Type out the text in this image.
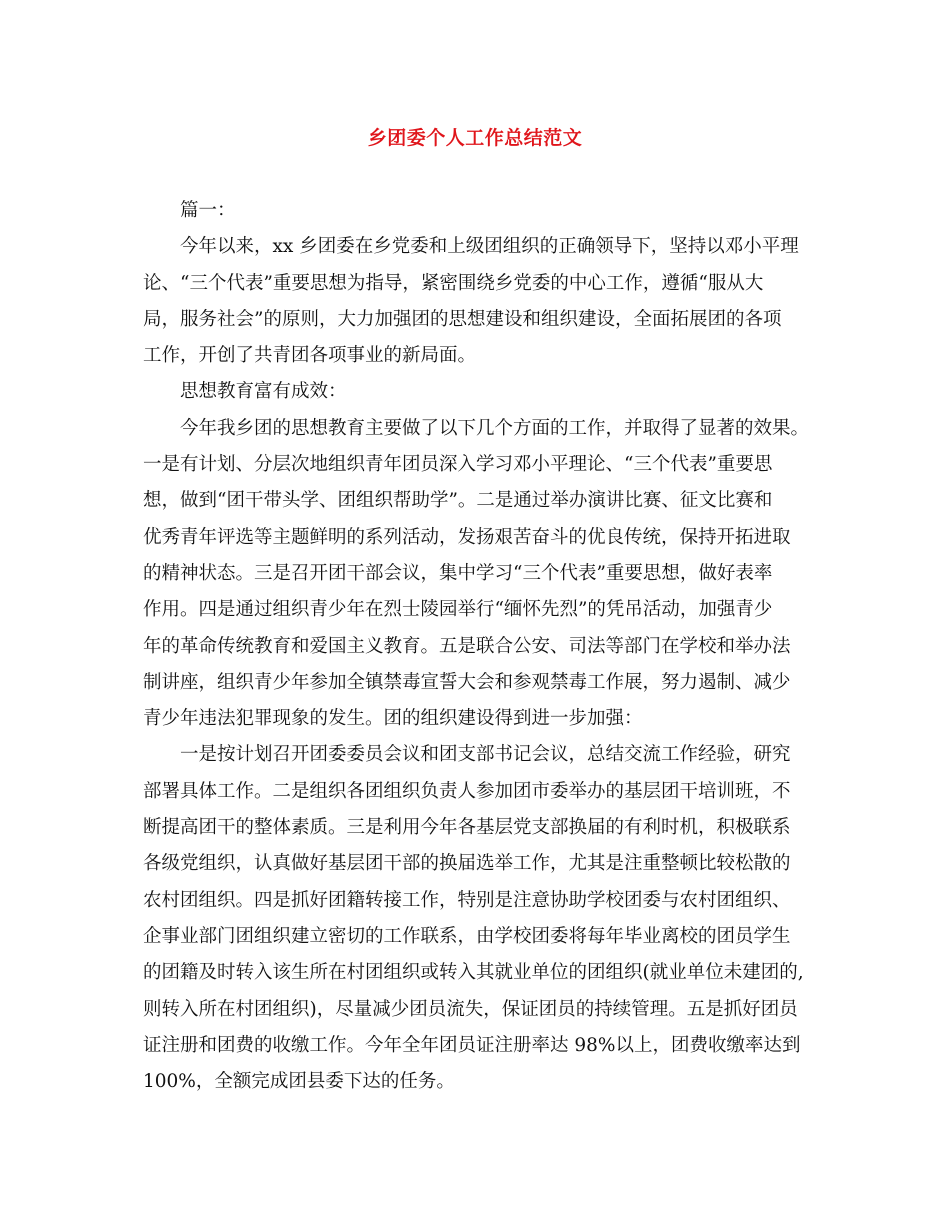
乡团委个人工作总结范文
篇一：
今年以来，xx 乡团委在乡党委和上级团组织的正确领导下，坚持以邓小平理
论、“三个代表”重要思想为指导，紧密围绕乡党委的中心工作，遵循“服从大
局，服务社会”的原则，大力加强团的思想建设和组织建设，全面拓展团的各项
工作，开创了共青团各项事业的新局面。
思想教育富有成效：
今年我乡团的思想教育主要做了以下几个方面的工作，并取得了显著的效果。
一是有计划、分层次地组织青年团员深入学习邓小平理论、“三个代表”重要思
想，做到“团干带头学、团组织帮助学”。二是通过举办演讲比赛、征文比赛和
优秀青年评选等主题鲜明的系列活动，发扬艰苦奋斗的优良传统，保持开拓进取
的精神状态。三是召开团干部会议，集中学习“三个代表”重要思想，做好表率
作用。四是通过组织青少年在烈士陵园举行“缅怀先烈”的凭吊活动，加强青少
年的革命传统教育和爱国主义教育。五是联合公安、司法等部门在学校和举办法
制讲座，组织青少年参加全镇禁毒宣誓大会和参观禁毒工作展，努力遏制、减少
青少年违法犯罪现象的发生。团的组织建设得到进一步加强：
一是按计划召开团委委员会议和团支部书记会议，总结交流工作经验，研究
部署具体工作。二是组织各团组织负责人参加团市委举办的基层团干培训班，不
断提高团干的整体素质。三是利用今年各基层党支部换届的有利时机，积极联系
各级党组织，认真做好基层团干部的换届选举工作，尤其是注重整顿比较松散的
农村团组织。四是抓好团籍转接工作，特别是注意协助学校团委与农村团组织、
企事业部门团组织建立密切的工作联系，由学校团委将每年毕业离校的团员学生
的团籍及时转入该生所在村团组织或转入其就业单位的团组织(就业单位未建团的,
则转入所在村团组织)，尽量减少团员流失，保证团员的持续管理。五是抓好团员
证注册和团费的收缴工作。今年全年团员证注册率达 98%以上，团费收缴率达到
100%，全额完成团县委下达的任务。
